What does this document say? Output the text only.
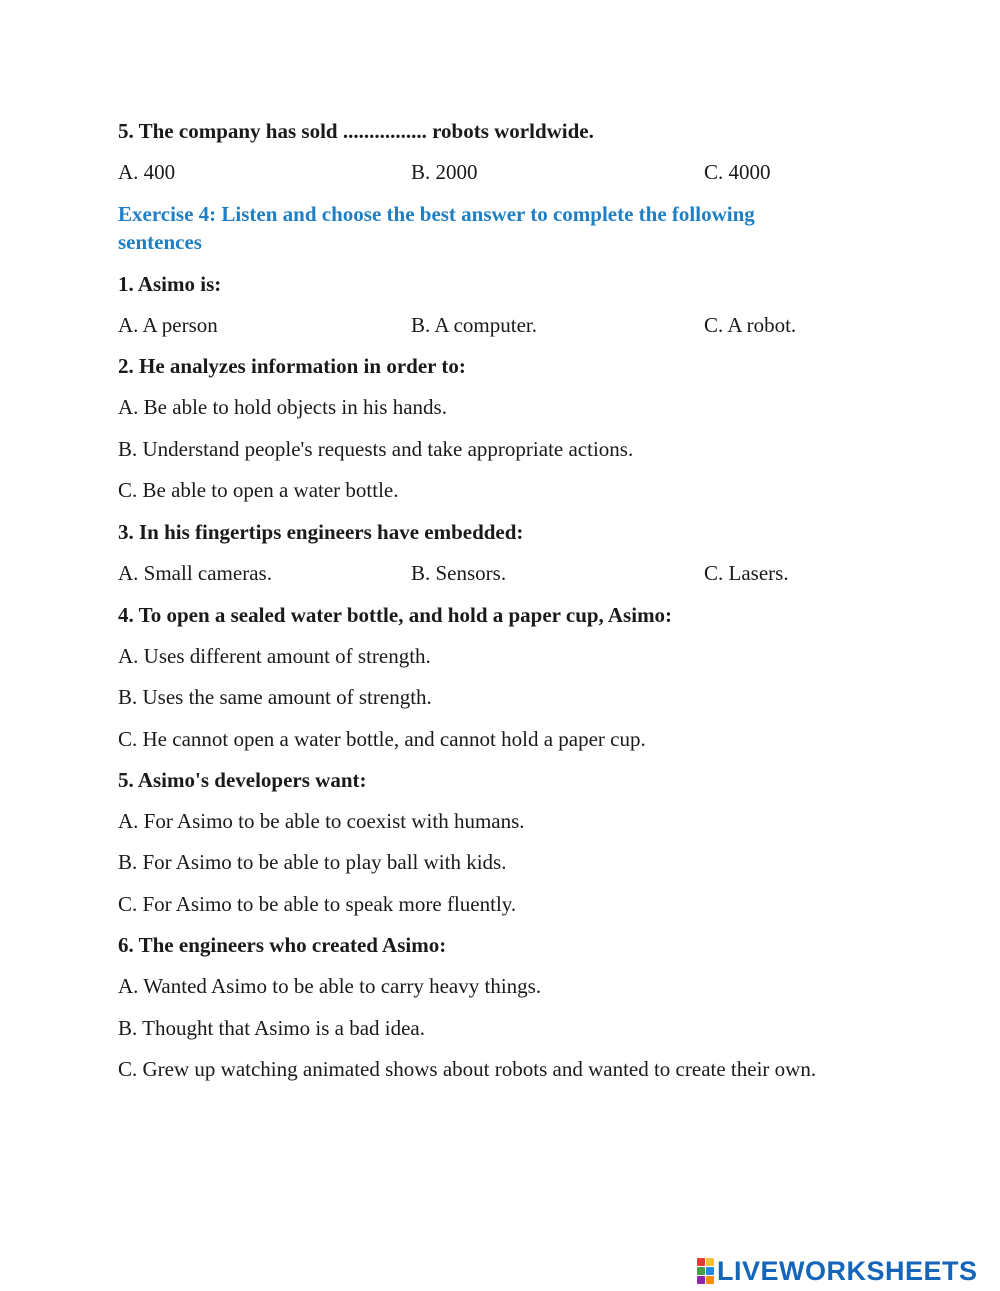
5. The company has sold ................ robots worldwide.
A. 400	B. 2000	C. 4000
Exercise 4: Listen and choose the best answer to complete the following
sentences
1. Asimo is:
A. A person	B. A computer.	C. A robot.
2. He analyzes information in order to:
A. Be able to hold objects in his hands.
B. Understand people's requests and take appropriate actions.
C. Be able to open a water bottle.
3. In his fingertips engineers have embedded:
A. Small cameras.	B. Sensors.	C. Lasers.
4. To open a sealed water bottle, and hold a paper cup, Asimo:
A. Uses different amount of strength.
B. Uses the same amount of strength.
C. He cannot open a water bottle, and cannot hold a paper cup.
5. Asimo's developers want:
A. For Asimo to be able to coexist with humans.
B. For Asimo to be able to play ball with kids.
C. For Asimo to be able to speak more fluently.
6. The engineers who created Asimo:
A. Wanted Asimo to be able to carry heavy things.
B. Thought that Asimo is a bad idea.
C. Grew up watching animated shows about robots and wanted to create their own.
LIVEWORKSHEETS
